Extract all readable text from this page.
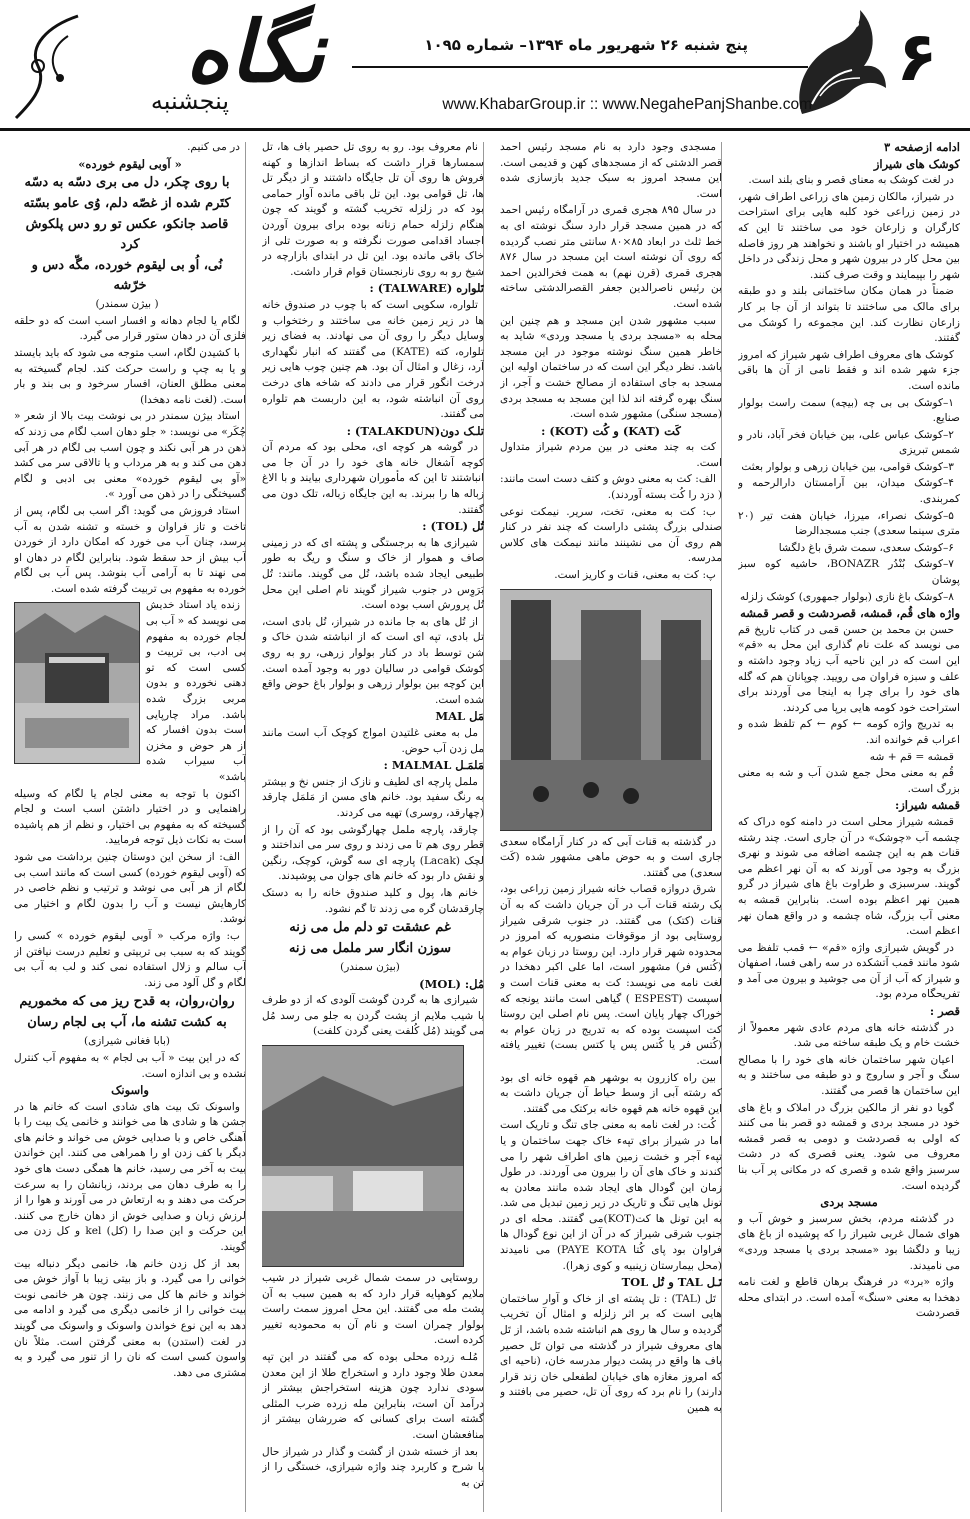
۶
پنج شنبه ۲۶ شهریور ماه ۱۳۹۴– شماره ۱۰۹۵
www.KhabarGroup.ir :: www.NegahePanjShanbe.com
نگاه
پنجشنبه

ادامه ازصفحه ۳

کوشک های شیراز

در لغت کوشک به معنای قصر و بنای بلند است.

در شیراز، مالکان زمین های زراعی اطراف شهر، در زمین زراعی خود کلبه هایی برای استراحت کارگران و زارعان خود می ساختند تا این که همیشه در اختیار او باشند و نخواهند هر روز فاصله بین محل کار در بیرون شهر و محل زندگی در داخل شهر را بپیمایند و وقت صرف کنند.

ضمناً در همان مکان ساختمانی بلند و دو طبقه برای مالک می ساختند تا بتواند از آن جا بر کار زارعان نظارت کند. این مجموعه را کوشک می گفتند.

کوشک های معروف اطراف شهر شیراز که امروز جزء شهر شده اند و فقط نامی از آن ها باقی مانده است.

۱–کوشک بی بی چه (بیچه) سمت راست بولوار صنایع.

۲–کوشک عباس علی، بین خیابان فخر آباد، نادر و شمس تبریزی

۳–کوشک قوامی، بین خیابان زرهی و بولوار بعثت

۴–کوشک میدان، بین آرامستان دارالرحمه و کمربندی.

۵–کوشک نصراء، میرزا، خیابان هفت تیر (۲۰ متری سینما سعدی) جنب مسجدالرضا

۶–کوشک سعدی، سمت شرق باغ دلگشا

۷–کوشک بُنْدُر BONAZR، حاشیه کوه سبز پوشان

۸–کوشک باغ نازی (بولوار جمهوری) کوشک زلزله

واژه های قُم، قمشه، قصردشت و قصر قمشه

حسن بن محمد بن حسن قمی در کتاب تاریخ قم می نویسد که علت نام گذاری این محل به «قم» این است که در این ناحیه آب زیاد وجود داشته و علف و سبزه فراوان می رویید. چوپانان هم که گله های خود را برای چرا به اینجا می آوردند برای استراحت خود کومه هایی برپا می کردند.

به تدریج واژه کومه ← کوم ← کم تلفظ شده و اعراب قم خوانده اند.

قمشه = قم + شه

قُم به معنی محل جمع شدن آب و شه به معنی بزرگ است.

قمشه شیراز:

قمشه شیراز محلی است در دامنه کوه دراک که چشمه آب «چوشک» در آن جاری است. چند رشته قنات هم به این چشمه اضافه می شوند و نهری بزرگ به وجود می آورند که به آن نهر اعظم می گویند. سرسبزی و طراوت باغ های شیراز در گرو همین نهر اعظم بوده است. بنابراین قمشه به معنی آب بزرگ، شاه چشمه و در واقع همان نهر اعظم است.

در گویش شیرازی واژه «قم» ← قمب تلفظ می شود مانند قمب آتشکده در سه راهی فسا، اصفهان و شیراز که آب از آن می جوشید و بیرون می آمد و تفریحگاه مردم بود.

قصر :

در گذشته خانه های مردم عادی شهر معمولاً از خشت خام و یک طبقه ساخته می شد.

اعیان شهر ساختمان خانه های خود را با مصالح سنگ و آجر و ساروج و دو طبقه می ساختند و به این ساختمان ها قصر می گفتند.

گویا دو نفر از مالکین بزرگ در املاک و باغ های خود در مسجد بردی و قمشه دو قصر بنا می کنند که اولی به قصردشت و دومی به قصر قمشه معروف می شود. یعنی قصری که در دشت سرسبز واقع شده و قصری که در مکانی پر آب بنا گردیده است.

مسجد بردی

در گذشته مردم، بخش سرسبز و خوش آب و هوای شمال غربی شیراز را که پوشیده از باغ های زیبا و دلگشا بود «مسجد بردی یا مسجد وردی» می نامیدند.

واژه «برد» در فرهنگ برهان قاطع و لغت نامه دهخدا به معنی «سنگ» آمده است. در ابتدای محله قصردشت

مسجدی وجود دارد به نام مسجد رئیس احمد قصر الدشتی که از مسجدهای کهن و قدیمی است. این مسجد امروز به سبک جدید بازسازی شده است.

در سال ۸۹۵ هجری قمری در آرامگاه رئیس احمد که در همین مسجد قرار دارد سنگ نوشته ای به خط ثلث در ابعاد ۸۵×۸۰ سانتی متر نصب گردیده که روی آن نوشته است این مسجد در سال ۸۷۶ هجری قمری (قرن نهم) به همت فخرالدین احمد بن رئیس ناصرالدین جعفر القصرالدشتی ساخته شده است.

سبب مشهور شدن این مسجد و هم چنین این محله به «مسجد بردی یا مسجد وردی» شاید به خاطر همین سنگ نوشته موجود در این مسجد باشد. نظر دیگر این است که در ساختمان اولیه این مسجد به جای استفاده از مصالح خشت و آجر، از سنگ بهره گرفته اند لذا این مسجد به مسجد بردی (مسجد سنگی) مشهور شده است.

کَت (KAT) و کُت (KOT) :

کت به چند معنی در بین مردم شیراز متداول است.

الف: کت به معنی دوش و کتف دست است مانند: ( دزد را کُت بسته آوردند).

ب: کت به معنی، تخت، سریر. نیمکت نوعی صندلی بزرگ پشتی داراست که چند نفر در کنار هم روی آن می نشینند مانند نیمکت های کلاس مدرسه.

پ: کت به معنی، قنات و کاریز است.

در گذشته به قنات آبی که در کنار آرامگاه سعدی جاری است و به حوض ماهی مشهور شده (کَت سعدی) می گفتند.

شرق دروازه قصاب خانه شیراز زمین زراعی بود، یک رشته قنات آب در آن جریان داشت که به آن قنات (کتک) می گفتند. در جنوب شرقی شیراز روستایی بود از موقوفات منصوریه که امروز در محدوده شهر قرار دارد. این روستا در زبان عوام به (کُتس فر) مشهور است، اما علی اکبر دهخدا در لغت نامه می نویسد: کت به معنی قنات است و اسپست (ESPEST ) گیاهی است مانند یونجه که خوراک چهار پایان است. پس نام اصلی این روستا کت اسپست بوده که به تدریج در زبان عوام به (کُتس فر یا کُتس پس یا کتس بست) تغییر یافته است.

بین راه کازرون به بوشهر هم قهوه خانه ای بود که رشته آبی از وسط حیاط آن جریان داشت به این قهوه خانه هم قهوه خانه برکتک می گفتند.

کُت: در لغت نامه به معنی جای تنگ و تاریک است اما در شیراز برای تپهء خاک جهت ساختمان و یا تپهء آجر و خشت زمین های اطراف شهر را می کندند و خاک های آن را بیرون می آوردند. در طول زمان این گودال های ایجاد شده مانند معادن به تونل هایی تنگ و تاریک در زیر زمین تبدیل می شد. به این تونل ها کت(KOT)می گفتند. محله ای در جنوب شرقی شیراز که در آن از این نوع گودال ها فراوان بود پای کُتا PAYE KOTA) می نامیدند (محل بیمارستان زینبیه و کوی زهرا).

تَـل TAL و تُل TOL

تَل (TAL) : تل پشته ای از خاک و آوار ساختمان هایی است که بر اثر زلزله و امثال آن تخریب گردیده و سال ها روی هم انباشته شده باشد، از تَل های معروف شیراز در گذشته می توان تَل حصیر باف ها واقع در پشت دیوار مدرسه خان، (ناحیه ای که امروز مغازه های خیابان لطفعلی خان زند قرار دارند) را نام برد که روی آن تل، حصیر می بافتند و به همین

نام معروف بود. رو به روی تل حصیر باف ها، تل سمسارها قرار داشت که بساط اندازها و کهنه فروش ها روی آن تل جایگاه داشتند و از دیگر تل ها، تل قوامی بود. این تل باقی مانده آوار حمامی بود که در زلزله تخریب گشته و گویند که چون هنگام زلزله حمام زنانه بوده برای بیرون آوردن اجساد اقدامی صورت نگرفته و به صورت تلی از خاک باقی مانده بود. این تل در ابتدای بازارچه در شیخ رو به روی نارنجستان قوام قرار داشت.

تَلواره (TALWARE) :

تلواره، سکویی است که با چوب در صندوق خانه ها در زیر زمین خانه می ساختند و رختخواب و وسایل دیگر را روی آن می نهادند. به فضای زیر تلواره، کته (KATE) می گفتند که انبار نگهداری آرد، زغال و امثال آن بود. هم چنین چوب هایی زیر درخت انگور قرار می دادند که شاخه های درخت روی آن انباشته شود، به این داربست هم تلواره می گفتند.

تلـک دون(TALAKDUN) :

در گوشه هر کوچه ای، محلی بود که مردم آن کوچه آشغال خانه های خود را در آن جا می انباشتند تا این که مأموران شهرداری بیایند و با الاغ زباله ها را ببرند. به این جایگاه زباله، تلک دون می گفتند.

تُل (TOL) :

شیرازی ها به برجستگی و پشته ای که در زمینی صاف و هموار از خاک و سنگ و ریگ به طور طبیعی ایجاد شده باشد، تُل می گویند. مانند: تُل بَرَوِس در جنوب شیراز گویند نام اصلی این محل تُل پرورش اسب بوده است.

از تُل های به جا مانده در شیراز، تُل بادی است، تل بادی، تپه ای است که از انباشته شدن خاک و شن توسط باد در کنار بولوار زرهی، رو به روی کوشک قوامی در سالیان دور به وجود آمده است. این کوچه بین بولوار زرهی و بولوار باغ حوض واقع شده است.

مَل MAL

مل به معنی غلتیدن امواج کوچک آب است مانند مل زدن آب حوض.

مَلمَـل MALMAL :

ململ پارچه ای لطیف و نازک از جنس نخ و بیشتر به رنگ سفید بود. خانم های مسن از مَلمَل چارقد (چهارقد، روسری) تهیه می کردند.

چارقد، پارچه ململ چهارگوشی بود که آن را از قطر روی هم تا می زدند و روی سر می انداختند و لچک (Lacak) پارچه ای سه گوش، کوچک، رنگین و نقش دار بود که خانم های جوان می پوشیدند.

خانم ها، پول و کلید صندوق خانه را به دستک چارقدشان گره می زدند تا گم نشود.

غم عشقت تو دلم مل می زنه

سوزن انگار سر ململ می زنه

(بیژن سمندر)

مُل: (MOL)

شیرازی ها به گردن گوشت آلودی که از دو طرف با شیب ملایم از پشت گردن به جلو می رسد مُل می گویند (مُل کُلفت یعنی گردن کلفت)

روستایی در سمت شمال غربی شیراز در شیب ملایم کوهپایه قرار دارد که به همین سبب به آن پشت مله می گفتند. این محل امروز سمت راست بولوار چمران است و نام آن به محمودیه تغییر کرده است.

مُلـه زرده محلی بوده که می گفتند در این تپه معدن طلا وجود دارد و استخراج طلا از این معدن سودی ندارد چون هزینه استخراجش بیشتر از درآمد آن است، بنابراین مله زرده ضرب المثلی گشته است برای کسانی که ضررشان بیشتر از منافعشان است.

بعد از خسته شدن از گشت و گذار در شیراز حال با شرح و کاربرد چند واژه شیرازی، خستگی را از تن به

در می کنیم.

« آوبی لیقوم خورده»

با روی چکر، دل می بری دسّه به دسّه

کتَرم شده از غصّه دلم، وُی عامو بسّته

قاصد جانکو، عکس تو رو دس پلکوش کرد

نُی، اُو بی لیقوم خورده، مگّه دس و خرّشه

( بیژن سمندر)

لگام یا لجام دهانه و افسار اسب است که دو حلقه فلزی آن در دهان ستور قرار می گیرد.

با کشیدن لگام، اسب متوجه می شود که باید بایستد و یا به چپ و راست حرکت کند. لجام گسیخته به معنی مطلق العنان، افسار سرخود و بی بند و بار است. (لغت نامه دهخدا)

استاد بیژن سمندر در بی نوشت بیت بالا از شعر « چُکَر» می نویسد: « جلو دهان اسب لگام می زدند که ذهن در هر آبی نکند و چون اسب بی لگام در هر آبی دهن می کند و به هر مرداب و یا تالاقی سر می کشد «آو بی لیقوم خورده» معنی بی ادبی و لگام گسیختگی را در ذهن می آورد ».

استاد فروزش می گوید: اگر اسب بی لگام، پس از تاخت و تاز فراوان و خسته و تشنه شدن به آب برسد، چنان آب می خورد که امکان دارد از خوردن آب بیش از حد سقط شود. بنابراین لگام در دهان او می نهند تا به آرامی آب بنوشد. پس آب بی لگام خورده به مفهوم بی تربیت گرفته شده است.

زنده یاد استاد خدیش می نویسد که « آب بی لجام خورده به مفهوم بی ادب، بی تربیت و کسی است که تو دهنی نخورده و بدون مربی بزرگ شده باشد. مراد چارپایی است بدون افسار که از هر حوض و مخزن آب سیراب شده باشد»

اکنون با توجه به معنی لجام یا لگام که وسیله راهنمایی و در اختیار داشتن اسب است و لجام گسیخته که به مفهوم بی اختیار، و نظم از هم پاشیده است به نکات ذیل توجه فرمایید.

الف: از سخن این دوستان چنین برداشت می شود که (آوبی لیقوم خورده) کسی است که مانند اسب بی لگام از هر آبی می نوشد و ترتیب و نظم خاصی در کارهایش نیست و آب را بدون لگام و اختیار می نوشد.

ب: واژه مرکب « آوبی لیقوم خورده » کسی را گویند که به سبب بی تربیتی و تعلیم درست نیافتن از آب سالم و زلال استفاده نمی کند و لب به آب بی لگام و گل آلود می زند.

روان،روان، به قدح ریز می که مخموریم

به کشت تشنه ما، آب بی لجام رسان

(بابا فغانی شیرازی)

که در این بیت « آب بی لجام » به مفهوم آب کنترل نشده و بی اندازه است.

واسونک

واسونک تک بیت های شادی است که خانم ها در جشن ها و شادی ها می خوانند و خانمی یک بیت را با آهنگی خاص و با صدایی خوش می خواند و خانم های دیگر با کف زدن او را همراهی می کنند. این خواندن بیت به آخر می رسید، خانم ها همگی دست های خود را به طرف دهان می بردند، زبانشان را به سرعت حرکت می دهند و به ارتعاش در می آورند و هوا را از لرزش زبان و صدایی خوش از دهان خارج می کنند. این حرکت و این صدا را (کل) kel و کل زدن می گویند.

بعد از کل زدن خانم ها، خانمی دیگر دنباله بیت خوانی را می گیرد. و باز بیتی زیبا با آواز خوش می خواند و خانم ها کل می زنند. چون هر خانمی نوبت بیت خوانی را از خانمی دیگری می گیرد و ادامه می دهد به این نوع خواندن واسونک و واسونک می گویند در لغت (استدن) به معنی گرفتن است. مثلاً نان واسون کسی است که نان را از تنور می گیرد و به مشتری می دهد.
